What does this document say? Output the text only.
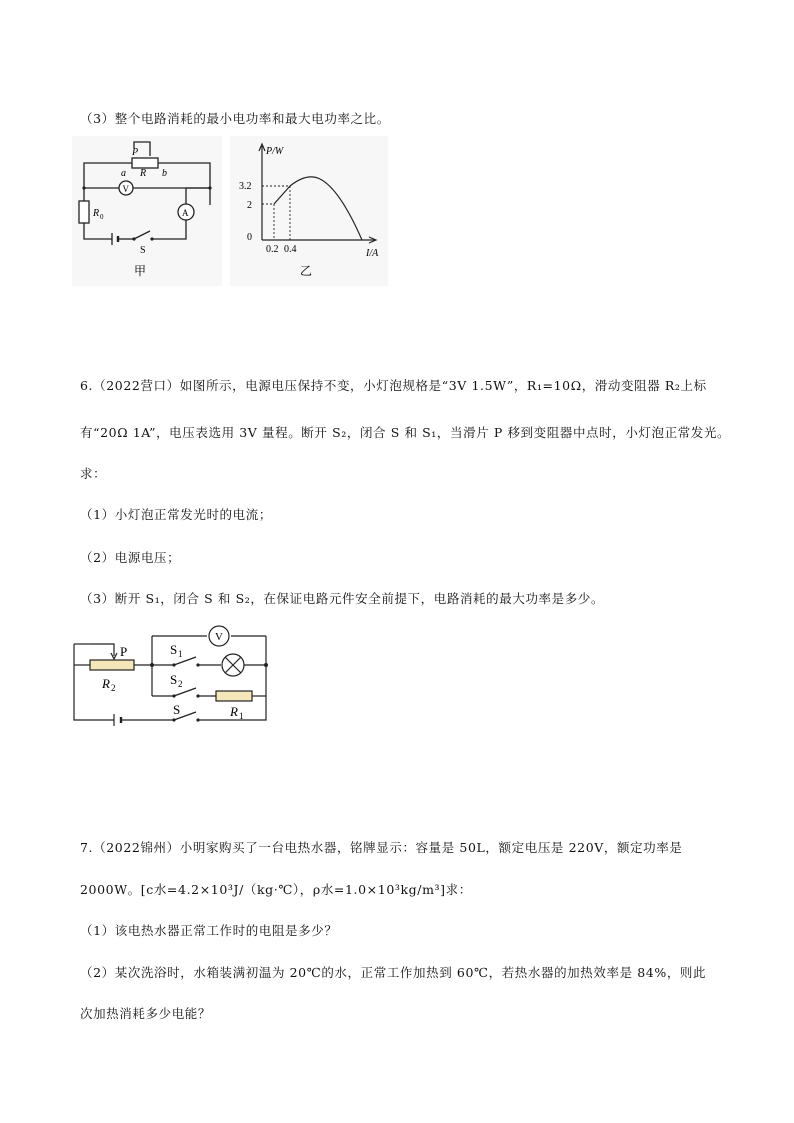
（3）整个电路消耗的最小电功率和最大电功率之比。
P
a R b
V
A
R 0
S
甲
P/W
I/A
3.2
2
0
0.2 0.4
乙
6.（2022营口）如图所示，电源电压保持不变，小灯泡规格是“3V 1.5W”，R₁=10Ω，滑动变阻器 R₂上标
有“20Ω 1A”，电压表选用 3V 量程。断开 S₂，闭合 S 和 S₁，当滑片 P 移到变阻器中点时，小灯泡正常发光。
求：
（1）小灯泡正常发光时的电流；
（2）电源电压；
（3）断开 S₁，闭合 S 和 S₂，在保证电路元件安全前提下，电路消耗的最大功率是多少。
P
R 2
S 1
S 2
S	R 1
V
7.（2022锦州）小明家购买了一台电热水器，铭牌显示：容量是 50L，额定电压是 220V，额定功率是
2000W。[c水=4.2×10³J/（kg·℃），ρ水=1.0×10³kg/m³]求：
（1）该电热水器正常工作时的电阻是多少？
（2）某次洗浴时，水箱装满初温为 20℃的水，正常工作加热到 60℃，若热水器的加热效率是 84%，则此
次加热消耗多少电能？
